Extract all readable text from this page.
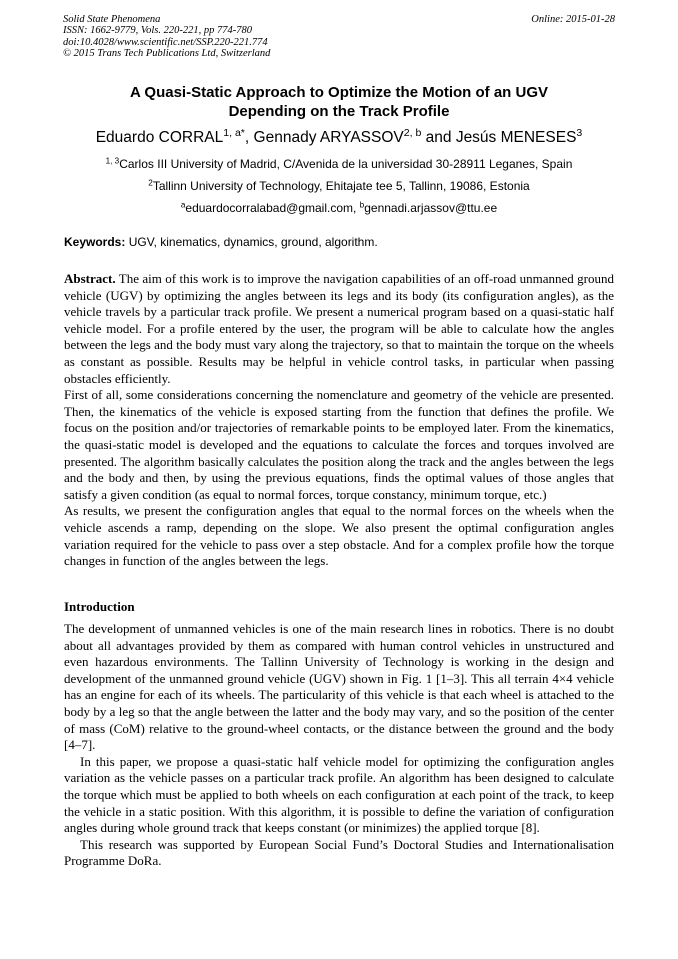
Solid State Phenomena
ISSN: 1662-9779, Vols. 220-221, pp 774-780
doi:10.4028/www.scientific.net/SSP.220-221.774
© 2015 Trans Tech Publications Ltd, Switzerland
Online: 2015-01-28
A Quasi-Static Approach to Optimize the Motion of an UGV
Depending on the Track Profile
Eduardo $CORRAL^{1, a*}$, Gennady ARYASSOV$^{2, b}$ and Jesús MENESES$^3$
$^{1, 3}$Carlos III University of Madrid, C/Avenida de la universidad 30-28911 Leganes, Spain
$^2$Tallinn University of Technology, Ehitajate tee 5, Tallinn, 19086, Estonia
$^a$eduardocorralabad@gmail.com, $^b$gennadi.arjassov@ttu.ee
Keywords: UGV, kinematics, dynamics, ground, algorithm.

Abstract. The aim of this work is to improve the navigation capabilities of an off-road unmanned ground vehicle (UGV) by optimizing the angles between its legs and its body (its configuration angles), as the vehicle travels by a particular track profile. We present a numerical program based on a quasi-static half vehicle model. For a profile entered by the user, the program will be able to calculate how the angles between the legs and the body must vary along the trajectory, so that to maintain the torque on the wheels as constant as possible. Results may be helpful in vehicle control tasks, in particular when passing obstacles efficiently.

First of all, some considerations concerning the nomenclature and geometry of the vehicle are presented. Then, the kinematics of the vehicle is exposed starting from the function that defines the profile. We focus on the position and/or trajectories of remarkable points to be employed later. From the kinematics, the quasi-static model is developed and the equations to calculate the forces and torques involved are presented. The algorithm basically calculates the position along the track and the angles between the legs and the body and then, by using the previous equations, finds the optimal values of those angles that satisfy a given condition (as equal to normal forces, torque constancy, minimum torque, etc.)

As results, we present the configuration angles that equal to the normal forces on the wheels when the vehicle ascends a ramp, depending on the slope. We also present the optimal configuration angles variation required for the vehicle to pass over a step obstacle. And for a complex profile how the torque changes in function of the angles between the legs.

Introduction

The development of unmanned vehicles is one of the main research lines in robotics. There is no doubt about all advantages provided by them as compared with human control vehicles in unstructured and even hazardous environments. The Tallinn University of Technology is working in the design and development of the unmanned ground vehicle (UGV) shown in Fig. 1 [1–3]. This all terrain 4×4 vehicle has an engine for each of its wheels. The particularity of this vehicle is that each wheel is attached to the body by a leg so that the angle between the latter and the body may vary, and so the position of the center of mass (CoM) relative to the ground-wheel contacts, or the distance between the ground and the body [4–7].

In this paper, we propose a quasi-static half vehicle model for optimizing the configuration angles variation as the vehicle passes on a particular track profile. An algorithm has been designed to calculate the torque which must be applied to both wheels on each configuration at each point of the track, to keep the vehicle in a static position. With this algorithm, it is possible to define the variation of configuration angles during whole ground track that keeps constant (or minimizes) the applied torque [8].

This research was supported by European Social Fund’s Doctoral Studies and Internationalisation Programme DoRa.
